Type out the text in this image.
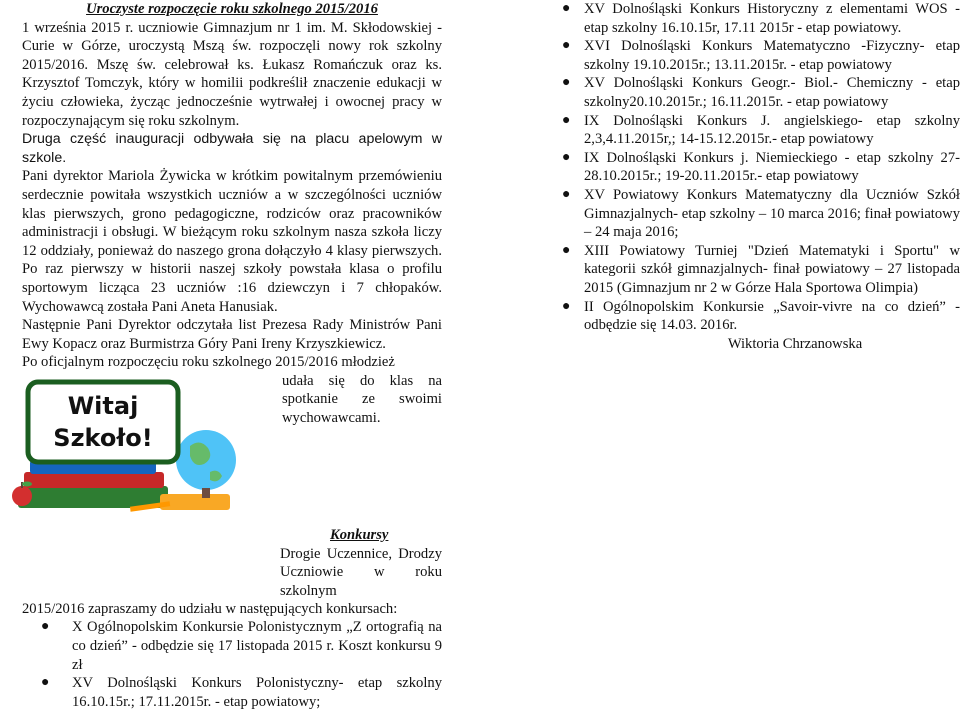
Uroczyste rozpoczęcie roku szkolnego 2015/2016

1 września 2015 r. uczniowie Gimnazjum nr 1 im. M. Skłodowskiej - Curie w Górze, uroczystą Mszą św. rozpoczęli nowy rok szkolny 2015/2016. Mszę św. celebrował ks. Łukasz Romańczuk oraz ks. Krzysztof Tomczyk, który w homilii podkreślił znaczenie edukacji w życiu człowieka, życząc jednocześnie wytrwałej i owocnej pracy w rozpoczynającym się roku szkolnym.

Druga część inauguracji odbywała się na placu apelowym w szkole.

Pani dyrektor Mariola Żywicka w krótkim powitalnym przemówieniu serdecznie powitała wszystkich uczniów a w szczególności uczniów klas pierwszych, grono pedagogiczne, rodziców oraz pracowników administracji i obsługi. W bieżącym roku szkolnym nasza szkoła liczy 12 oddziały, ponieważ do naszego grona dołączyło 4 klasy pierwszych. Po raz pierwszy w historii naszej szkoły powstała klasa o profilu sportowym licząca 23 uczniów :16 dziewczyn i 7 chłopaków. Wychowawcą została Pani Aneta Hanusiak.

Następnie Pani Dyrektor odczytała list Prezesa Rady Ministrów Pani Ewy Kopacz oraz Burmistrza Góry Pani Ireny Krzyszkiewicz.

Po oficjalnym rozpoczęciu roku szkolnego 2015/2016 młodzież

Witaj
Szkoło!

udała się do klas na spotkanie ze swoimi wychowawcami.

Konkursy

Drogie Uczennice, Drodzy Uczniowie w roku szkolnym

2015/2016 zapraszamy do udziału w następujących konkursach:

● X Ogólnopolskim Konkursie Polonistycznym „Z ortografią na co dzień” - odbędzie się 17 listopada 2015 r. Koszt konkursu 9 zł
● XV Dolnośląski Konkurs Polonistyczny- etap szkolny 16.10.15r.; 17.11.2015r. - etap powiatowy;
● XV Dolnośląski Konkurs Historyczny z elementami WOS - etap szkolny 16.10.15r, 17.11 2015r - etap powiatowy.
● XVI Dolnośląski Konkurs Matematyczno -Fizyczny- etap szkolny 19.10.2015r.; 13.11.2015r. - etap powiatowy
● XV Dolnośląski Konkurs Geogr.- Biol.- Chemiczny - etap szkolny20.10.2015r.; 16.11.2015r. - etap powiatowy
● IX Dolnośląski Konkurs J. angielskiego- etap szkolny 2,3,4.11.2015r,; 14-15.12.2015r.- etap powiatowy
● IX Dolnośląski Konkurs j. Niemieckiego - etap szkolny 27-28.10.2015r.; 19-20.11.2015r.- etap powiatowy
● XV Powiatowy Konkurs Matematyczny dla Uczniów Szkół Gimnazjalnych- etap szkolny – 10 marca 2016; finał powiatowy – 24 maja 2016;
● XIII Powiatowy Turniej "Dzień Matematyki i Sportu" w kategorii szkół gimnazjalnych- finał powiatowy – 27 listopada 2015 (Gimnazjum nr 2 w Górze Hala Sportowa Olimpia)
● II Ogólnopolskim Konkursie „Savoir-vivre na co dzień” - odbędzie się 14.03. 2016r.

Wiktoria Chrzanowska
